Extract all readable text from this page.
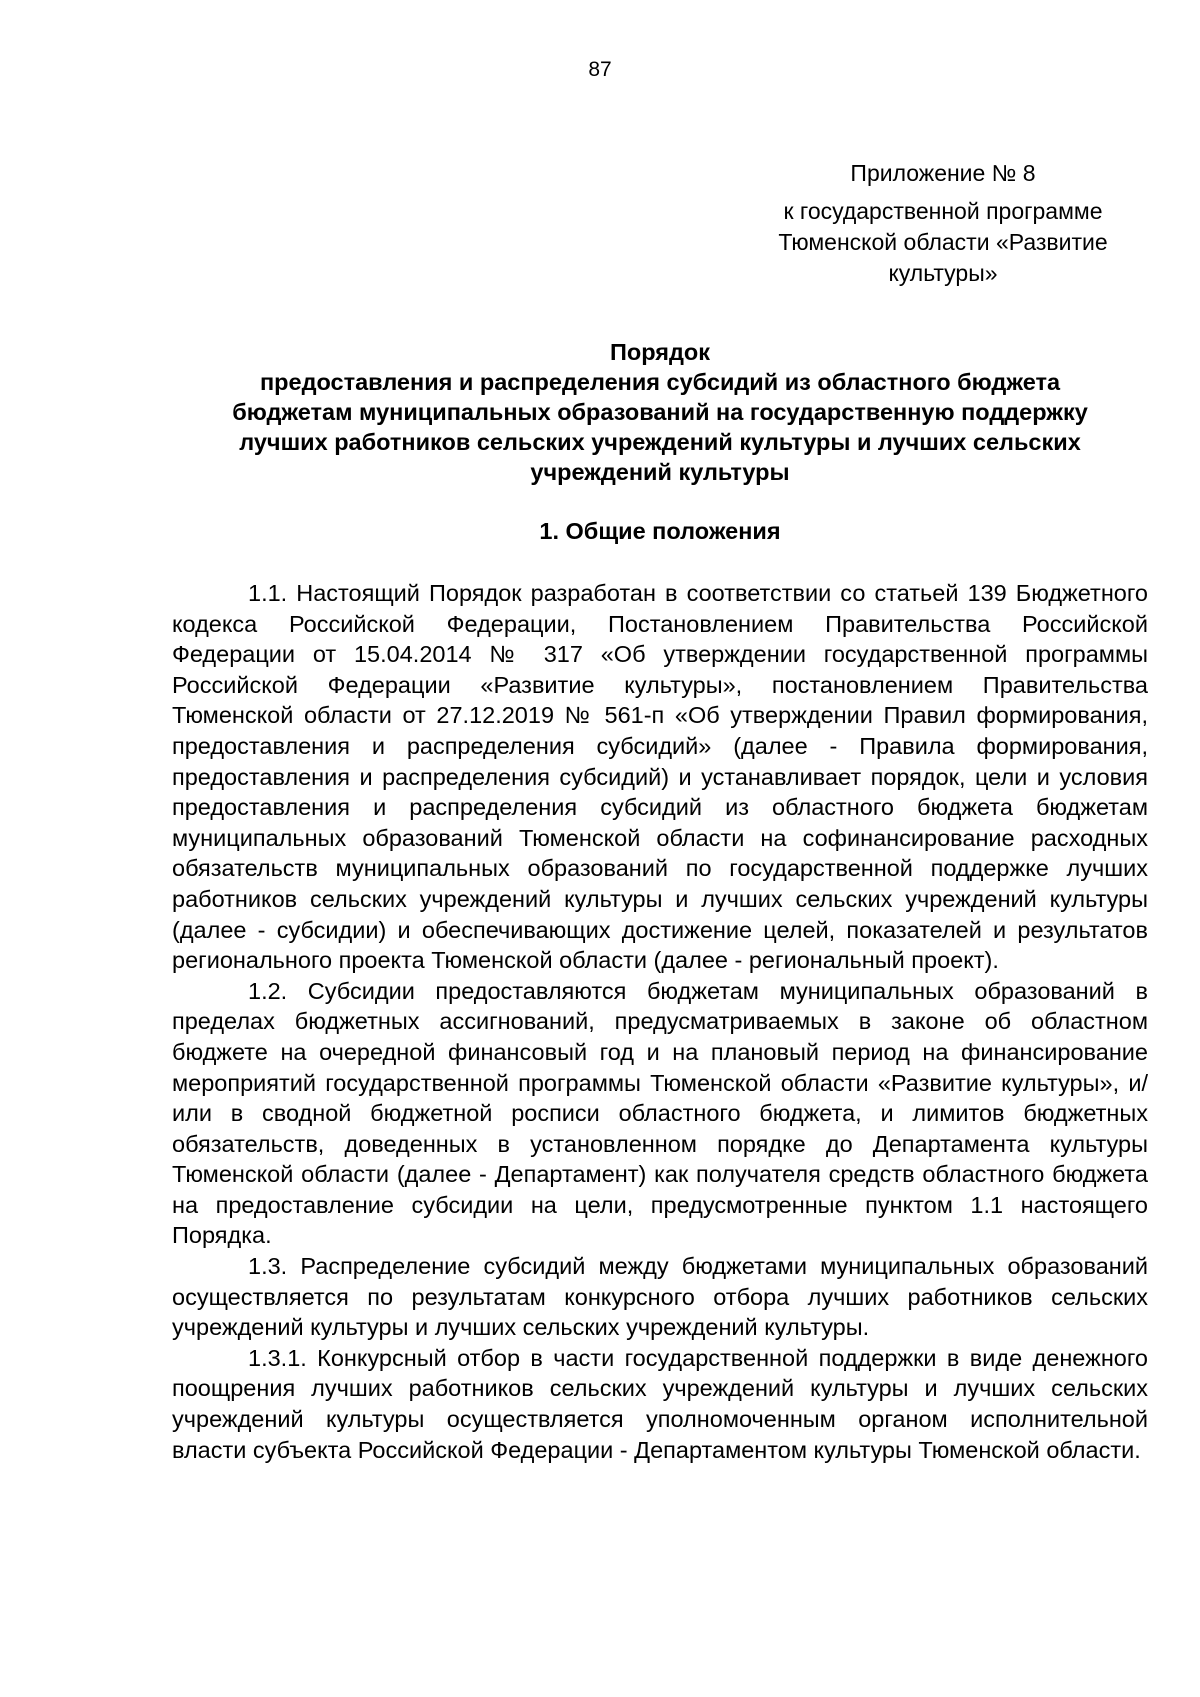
87
Приложение № 8
к государственной программе Тюменской области «Развитие культуры»
Порядок
предоставления и распределения субсидий из областного бюджета
бюджетам муниципальных образований на государственную поддержку
лучших работников сельских учреждений культуры и лучших сельских
учреждений культуры
1. Общие положения

1.1. Настоящий Порядок разработан в соответствии со статьей 139 Бюджетного кодекса Российской Федерации, Постановлением Правительства Российской Федерации от 15.04.2014 № 317 «Об утверждении государственной программы Российской Федерации «Развитие культуры», постановлением Правительства Тюменской области от 27.12.2019 № 561-п «Об утверждении Правил формирования, предоставления и распределения субсидий» (далее - Правила формирования, предоставления и распределения субсидий) и устанавливает порядок, цели и условия предоставления и распределения субсидий из областного бюджета бюджетам муниципальных образований Тюменской области на софинансирование расходных обязательств муниципальных образований по государственной поддержке лучших работников сельских учреждений культуры и лучших сельских учреждений культуры (далее - субсидии) и обеспечивающих достижение целей, показателей и результатов регионального проекта Тюменской области (далее - региональный проект).

1.2. Субсидии предоставляются бюджетам муниципальных образований в пределах бюджетных ассигнований, предусматриваемых в законе об областном бюджете на очередной финансовый год и на плановый период на финансирование мероприятий государственной программы Тюменской области «Развитие культуры», и/или в сводной бюджетной росписи областного бюджета, и лимитов бюджетных обязательств, доведенных в установленном порядке до Департамента культуры Тюменской области (далее - Департамент) как получателя средств областного бюджета на предоставление субсидии на цели, предусмотренные пунктом 1.1 настоящего Порядка.

1.3. Распределение субсидий между бюджетами муниципальных образований осуществляется по результатам конкурсного отбора лучших работников сельских учреждений культуры и лучших сельских учреждений культуры.

1.3.1. Конкурсный отбор в части государственной поддержки в виде денежного поощрения лучших работников сельских учреждений культуры и лучших сельских учреждений культуры осуществляется уполномоченным органом исполнительной власти субъекта Российской Федерации - Департаментом культуры Тюменской области.
